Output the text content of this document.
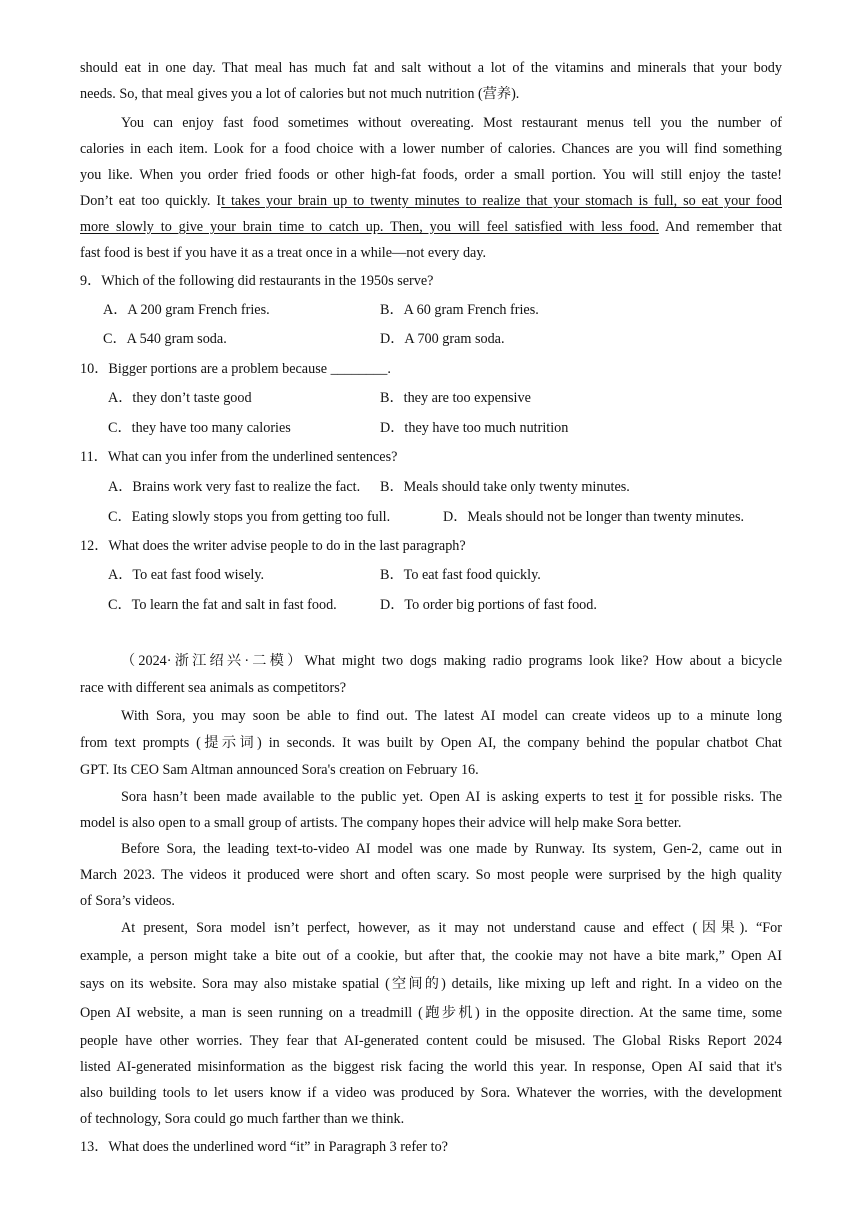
should eat in one day. That meal has much fat and salt without a lot of the vitamins and minerals that your body
needs. So, that meal gives you a lot of calories but not much nutrition (营养).
You can enjoy fast food sometimes without overeating. Most restaurant menus tell you the number of
calories in each item. Look for a food choice with a lower number of calories. Chances are you will find something
you like. When you order fried foods or other high-fat foods, order a small portion. You will still enjoy the taste!
Don’t eat too quickly. It takes your brain up to twenty minutes to realize that your stomach is full, so eat your food
more slowly to give your brain time to catch up. Then, you will feel satisfied with less food. And remember that
fast food is best if you have it as a treat once in a while—not every day.
9．Which of the following did restaurants in the 1950s serve?
A．A 200 gram French fries.	B．A 60 gram French fries.
C．A 540 gram soda.	D．A 700 gram soda.
10．Bigger portions are a problem because ________.
A．they don’t taste good	B．they are too expensive
C．they have too many calories	D．they have too much nutrition
11．What can you infer from the underlined sentences?
A．Brains work very fast to realize the fact. B．Meals should take only twenty minutes.
C．Eating slowly stops you from getting too full.	D．Meals should not be longer than twenty minutes.
12．What does the writer advise people to do in the last paragraph?
A．To eat fast food wisely.	B．To eat fast food quickly.
C．To learn the fat and salt in fast food.	D．To order big portions of fast food.
（2024·浙江绍兴·二模）What might two dogs making radio programs look like? How about a bicycle
race with different sea animals as competitors?
With Sora, you may soon be able to find out. The latest AI model can create videos up to a minute long
from text prompts (提示词) in seconds. It was built by Open AI, the company behind the popular chatbot Chat
GPT. Its CEO Sam Altman announced Sora's creation on February 16.
Sora hasn’t been made available to the public yet. Open AI is asking experts to test it for possible risks. The
model is also open to a small group of artists. The company hopes their advice will help make Sora better.
Before Sora, the leading text-to-video AI model was one made by Runway. Its system, Gen-2, came out in
March 2023. The videos it produced were short and often scary. So most people were surprised by the high quality
of Sora’s videos.
At present, Sora model isn’t perfect, however, as it may not understand cause and effect (因果). “For
example, a person might take a bite out of a cookie, but after that, the cookie may not have a bite mark,” Open AI
says on its website. Sora may also mistake spatial (空间的) details, like mixing up left and right. In a video on the
Open AI website, a man is seen running on a treadmill (跑步机) in the opposite direction. At the same time, some
people have other worries. They fear that AI-generated content could be misused. The Global Risks Report 2024
listed AI-generated misinformation as the biggest risk facing the world this year. In response, Open AI said that it's
also building tools to let users know if a video was produced by Sora. Whatever the worries, with the development
of technology, Sora could go much farther than we think.
13．What does the underlined word “it” in Paragraph 3 refer to?
